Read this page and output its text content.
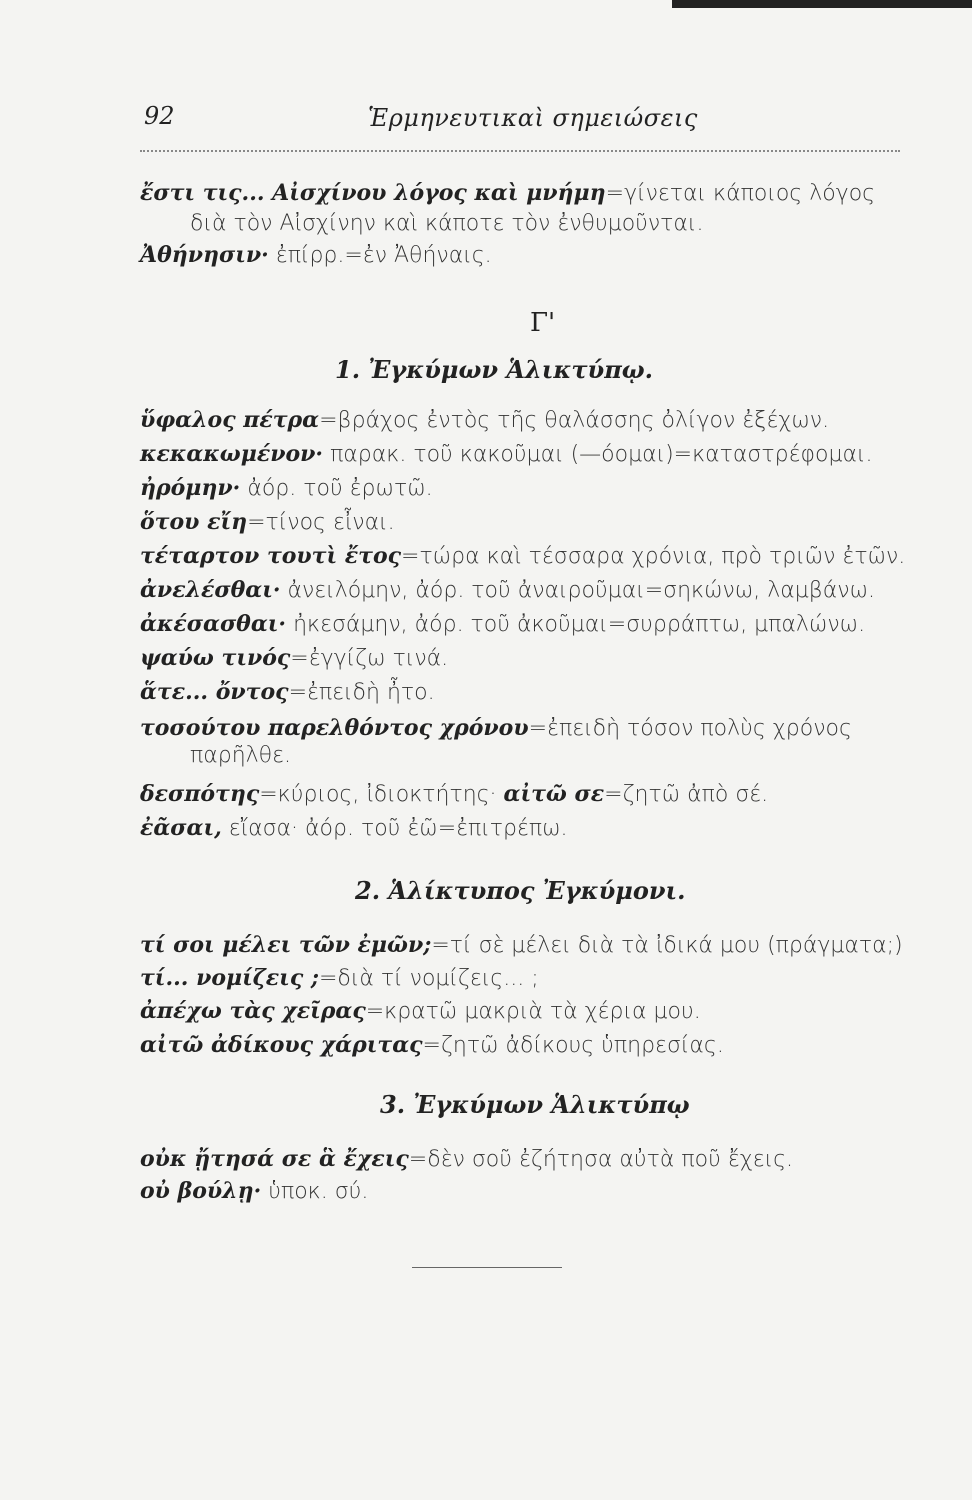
92	Ἑρμηνευτικαὶ σημειώσεις
ἔστι τις... Αἰσχίνου λόγος καὶ μνήμη=γίνεται κάποιος λόγος
διὰ τὸν Αἰσχίνην καὶ κάποτε τὸν ἐνθυμοῦνται.
Ἀθήνησιν· ἐπίρρ.=ἐν Ἀθήναις.
Γ'
1. Ἐγκύμων Ἁλικτύπῳ.
ὕφαλος πέτρα=βράχος ἐντὸς τῆς θαλάσσης ὀλίγον ἐξέχων.
κεκακωμένον· παρακ. τοῦ κακοῦμαι (—όομαι)=καταστρέφομαι.
ἠρόμην· ἀόρ. τοῦ ἐρωτῶ.
ὅτου εἴη=τίνος εἶναι.
τέταρτον τουτὶ ἔτος=τώρα καὶ τέσσαρα χρόνια, πρὸ τριῶν ἐτῶν.
ἀνελέσθαι· ἀνειλόμην, ἀόρ. τοῦ ἀναιροῦμαι=σηκώνω, λαμβάνω.
ἀκέσασθαι· ἠκεσάμην, ἀόρ. τοῦ ἀκοῦμαι=συρράπτω, μπαλώνω.
ψαύω τινός=ἐγγίζω τινά.
ἅτε... ὄντος=ἐπειδὴ ἦτο.
τοσούτου παρελθόντος χρόνου=ἐπειδὴ τόσον πολὺς χρόνος
παρῆλθε.
δεσπότης=κύριος, ἰδιοκτήτης· αἰτῶ σε=ζητῶ ἀπὸ σέ.
ἐᾶσαι, εἴασα· ἀόρ. τοῦ ἐῶ=ἐπιτρέπω.
2. Ἁλίκτυπος Ἐγκύμονι.
τί σοι μέλει τῶν ἐμῶν;=τί σὲ μέλει διὰ τὰ ἰδικά μου (πράγματα;)
τί... νομίζεις ;=διὰ τί νομίζεις... ;
ἀπέχω τὰς χεῖρας=κρατῶ μακριὰ τὰ χέρια μου.
αἰτῶ ἀδίκους χάριτας=ζητῶ ἀδίκους ὑπηρεσίας.
3. Ἐγκύμων Ἁλικτύπῳ
οὐκ ᾔτησά σε ἃ ἔχεις=δὲν σοῦ ἐζήτησα αὐτὰ ποῦ ἔχεις.
οὐ βούλῃ· ὑποκ. σύ.
